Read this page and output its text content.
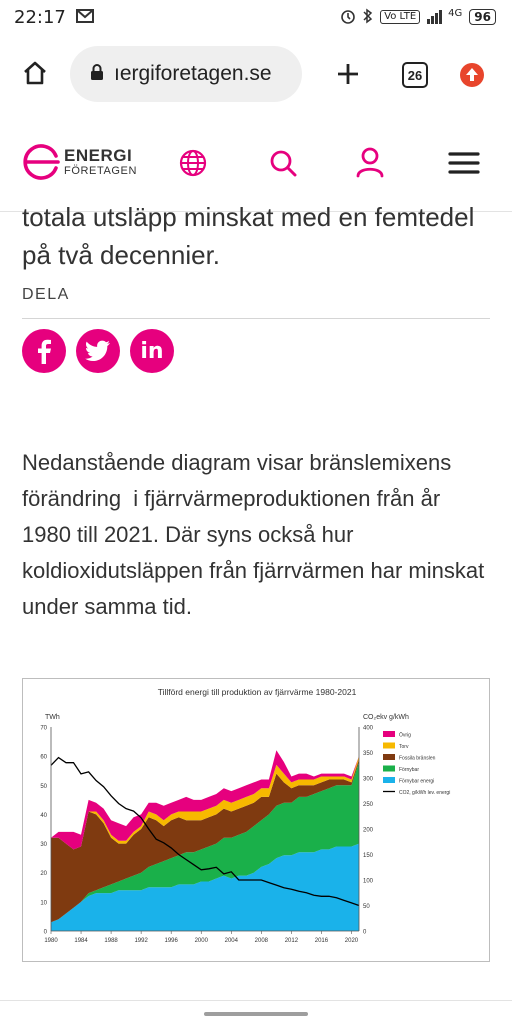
22:17	Vo LTE	4G	96
ıergiforetagen.se	26
ENERGI
FÖRETAGEN
totala utsläpp minskat med en femtedel på två decennier.
DELA
in
Nedanstående diagram visar bränslemixens förändring  i fjärrvärmeproduktionen från år 1980 till 2021. Där syns också hur koldioxidutsläppen från fjärrvärmen har minskat under samma tid.
Tillförd energi till produktion av fjärrvärme 1980-2021
TWh	CO₂ekv g/kWh
0
10
20
30
40
50
60
70
0
50
100
150
200
250
300
350
400
1980	1984	1988	1992	1996	2000	2004	2008	2012	2016	2020
Övrig
Torv
Fossila bränslen
Förnybar
Förnybar energi
CO2, g/kWh lev. energi
